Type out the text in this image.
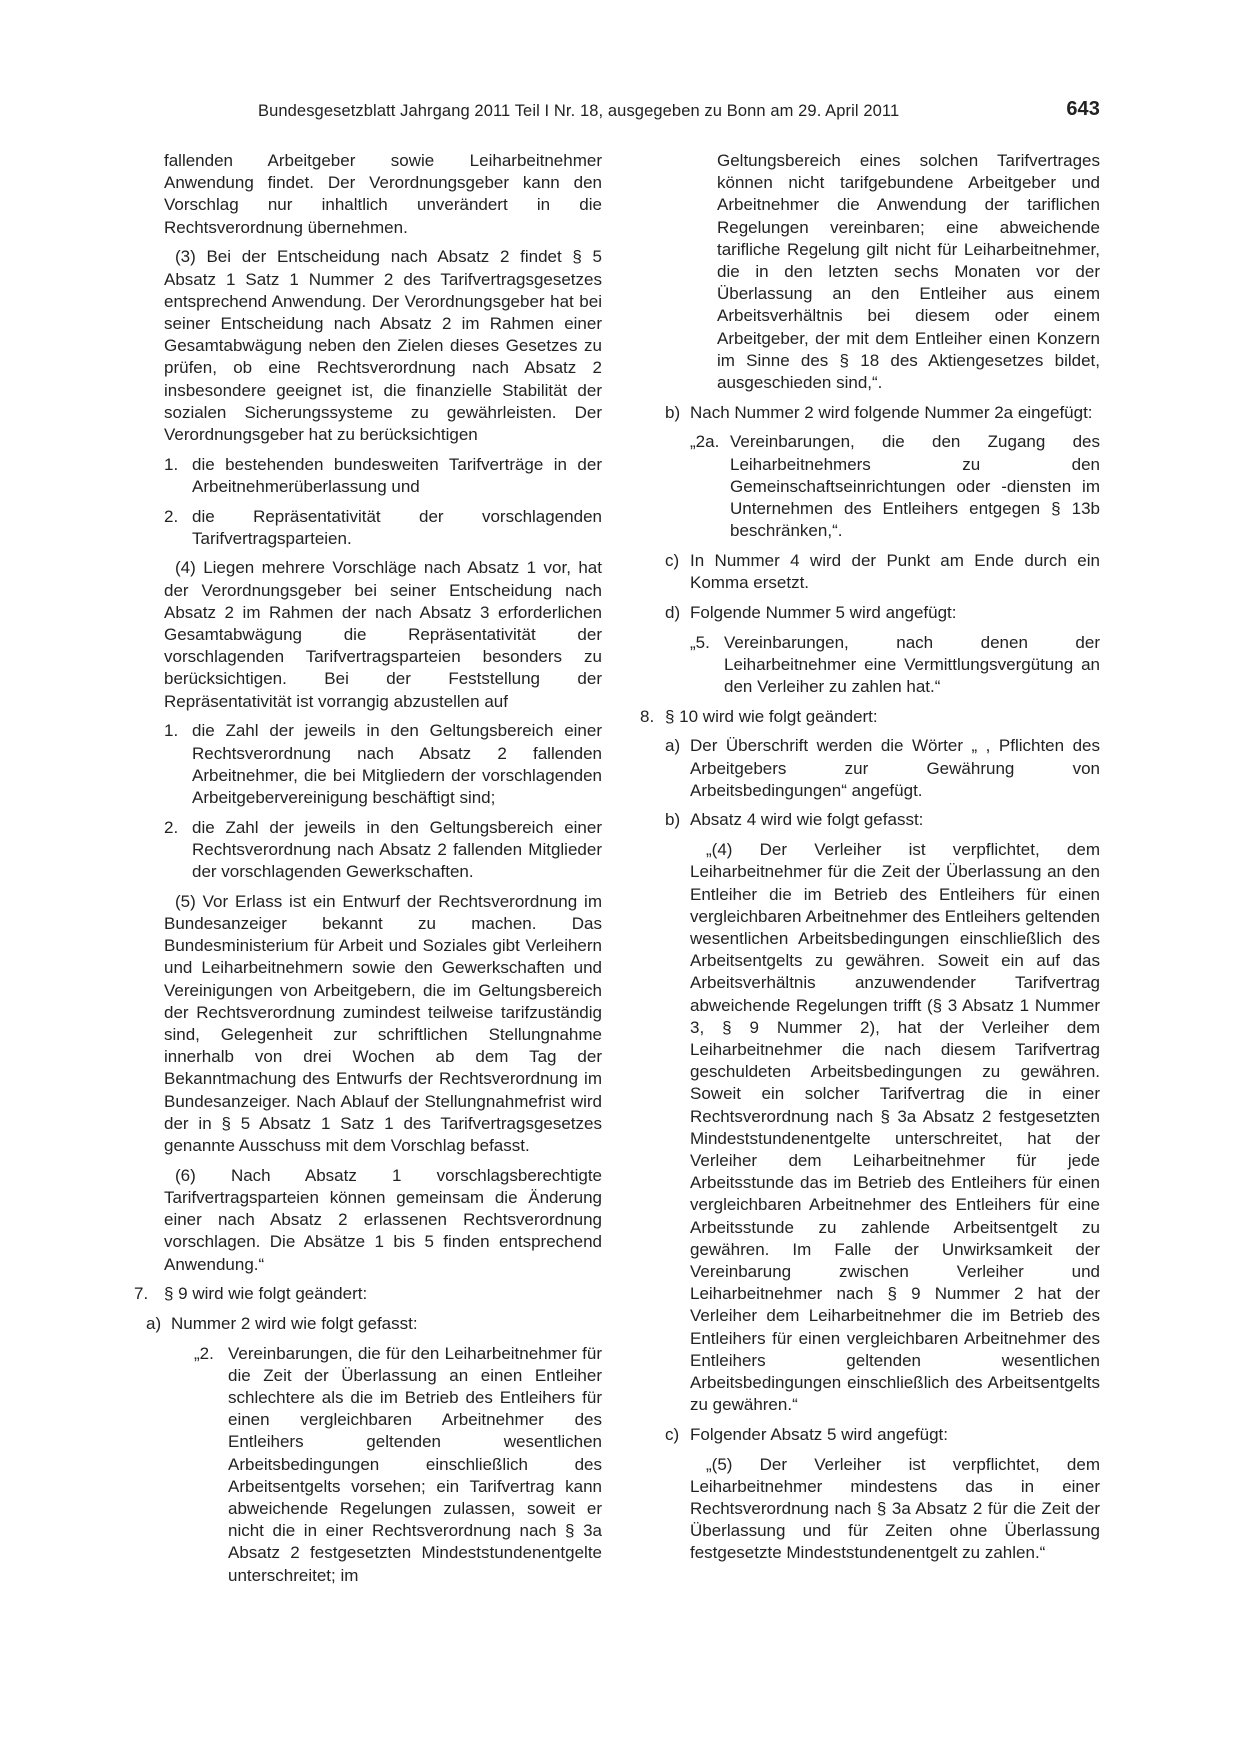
Bundesgesetzblatt Jahrgang 2011 Teil I Nr. 18, ausgegeben zu Bonn am 29. April 2011	643

fallenden Arbeitgeber sowie Leiharbeitnehmer Anwendung findet. Der Verordnungsgeber kann den Vorschlag nur inhaltlich unverändert in die Rechtsverordnung übernehmen.

(3) Bei der Entscheidung nach Absatz 2 findet § 5 Absatz 1 Satz 1 Nummer 2 des Tarifvertragsgesetzes entsprechend Anwendung. Der Verordnungsgeber hat bei seiner Entscheidung nach Absatz 2 im Rahmen einer Gesamtabwägung neben den Zielen dieses Gesetzes zu prüfen, ob eine Rechtsverordnung nach Absatz 2 insbesondere geeignet ist, die finanzielle Stabilität der sozialen Sicherungssysteme zu gewährleisten. Der Verordnungsgeber hat zu berücksichtigen

1. die bestehenden bundesweiten Tarifverträge in der Arbeitnehmerüberlassung und
2. die Repräsentativität der vorschlagenden Tarifvertragsparteien.

(4) Liegen mehrere Vorschläge nach Absatz 1 vor, hat der Verordnungsgeber bei seiner Entscheidung nach Absatz 2 im Rahmen der nach Absatz 3 erforderlichen Gesamtabwägung die Repräsentativität der vorschlagenden Tarifvertragsparteien besonders zu berücksichtigen. Bei der Feststellung der Repräsentativität ist vorrangig abzustellen auf

1. die Zahl der jeweils in den Geltungsbereich einer Rechtsverordnung nach Absatz 2 fallenden Arbeitnehmer, die bei Mitgliedern der vorschlagenden Arbeitgebervereinigung beschäftigt sind;
2. die Zahl der jeweils in den Geltungsbereich einer Rechtsverordnung nach Absatz 2 fallenden Mitglieder der vorschlagenden Gewerkschaften.

(5) Vor Erlass ist ein Entwurf der Rechtsverordnung im Bundesanzeiger bekannt zu machen. Das Bundesministerium für Arbeit und Soziales gibt Verleihern und Leiharbeitnehmern sowie den Gewerkschaften und Vereinigungen von Arbeitgebern, die im Geltungsbereich der Rechtsverordnung zumindest teilweise tarifzuständig sind, Gelegenheit zur schriftlichen Stellungnahme innerhalb von drei Wochen ab dem Tag der Bekanntmachung des Entwurfs der Rechtsverordnung im Bundesanzeiger. Nach Ablauf der Stellungnahmefrist wird der in § 5 Absatz 1 Satz 1 des Tarifvertragsgesetzes genannte Ausschuss mit dem Vorschlag befasst.

(6) Nach Absatz 1 vorschlagsberechtigte Tarifvertragsparteien können gemeinsam die Änderung einer nach Absatz 2 erlassenen Rechtsverordnung vorschlagen. Die Absätze 1 bis 5 finden entsprechend Anwendung.“

7. § 9 wird wie folgt geändert:
a) Nummer 2 wird wie folgt gefasst:
„2. Vereinbarungen, die für den Leiharbeitnehmer für die Zeit der Überlassung an einen Entleiher schlechtere als die im Betrieb des Entleihers für einen vergleichbaren Arbeitnehmer des Entleihers geltenden wesentlichen Arbeitsbedingungen einschließlich des Arbeitsentgelts vorsehen; ein Tarifvertrag kann abweichende Regelungen zulassen, soweit er nicht die in einer Rechtsverordnung nach § 3a Absatz 2 festgesetzten Mindeststundenentgelte unterschreitet; im

Geltungsbereich eines solchen Tarifvertrages können nicht tarifgebundene Arbeitgeber und Arbeitnehmer die Anwendung der tariflichen Regelungen vereinbaren; eine abweichende tarifliche Regelung gilt nicht für Leiharbeitnehmer, die in den letzten sechs Monaten vor der Überlassung an den Entleiher aus einem Arbeitsverhältnis bei diesem oder einem Arbeitgeber, der mit dem Entleiher einen Konzern im Sinne des § 18 des Aktiengesetzes bildet, ausgeschieden sind,“.

b) Nach Nummer 2 wird folgende Nummer 2a eingefügt:
„2a. Vereinbarungen, die den Zugang des Leiharbeitnehmers zu den Gemeinschaftseinrichtungen oder -diensten im Unternehmen des Entleihers entgegen § 13b beschränken,“.
c) In Nummer 4 wird der Punkt am Ende durch ein Komma ersetzt.
d) Folgende Nummer 5 wird angefügt:
„5. Vereinbarungen, nach denen der Leiharbeitnehmer eine Vermittlungsvergütung an den Verleiher zu zahlen hat.“
8. § 10 wird wie folgt geändert:
a) Der Überschrift werden die Wörter „ , Pflichten des Arbeitgebers zur Gewährung von Arbeitsbedingungen“ angefügt.
b) Absatz 4 wird wie folgt gefasst:

„(4) Der Verleiher ist verpflichtet, dem Leiharbeitnehmer für die Zeit der Überlassung an den Entleiher die im Betrieb des Entleihers für einen vergleichbaren Arbeitnehmer des Entleihers geltenden wesentlichen Arbeitsbedingungen einschließlich des Arbeitsentgelts zu gewähren. Soweit ein auf das Arbeitsverhältnis anzuwendender Tarifvertrag abweichende Regelungen trifft (§ 3 Absatz 1 Nummer 3, § 9 Nummer 2), hat der Verleiher dem Leiharbeitnehmer die nach diesem Tarifvertrag geschuldeten Arbeitsbedingungen zu gewähren. Soweit ein solcher Tarifvertrag die in einer Rechtsverordnung nach § 3a Absatz 2 festgesetzten Mindeststundenentgelte unterschreitet, hat der Verleiher dem Leiharbeitnehmer für jede Arbeitsstunde das im Betrieb des Entleihers für einen vergleichbaren Arbeitnehmer des Entleihers für eine Arbeitsstunde zu zahlende Arbeitsentgelt zu gewähren. Im Falle der Unwirksamkeit der Vereinbarung zwischen Verleiher und Leiharbeitnehmer nach § 9 Nummer 2 hat der Verleiher dem Leiharbeitnehmer die im Betrieb des Entleihers für einen vergleichbaren Arbeitnehmer des Entleihers geltenden wesentlichen Arbeitsbedingungen einschließlich des Arbeitsentgelts zu gewähren.“

c) Folgender Absatz 5 wird angefügt:

„(5) Der Verleiher ist verpflichtet, dem Leiharbeitnehmer mindestens das in einer Rechtsverordnung nach § 3a Absatz 2 für die Zeit der Überlassung und für Zeiten ohne Überlassung festgesetzte Mindeststundenentgelt zu zahlen.“
